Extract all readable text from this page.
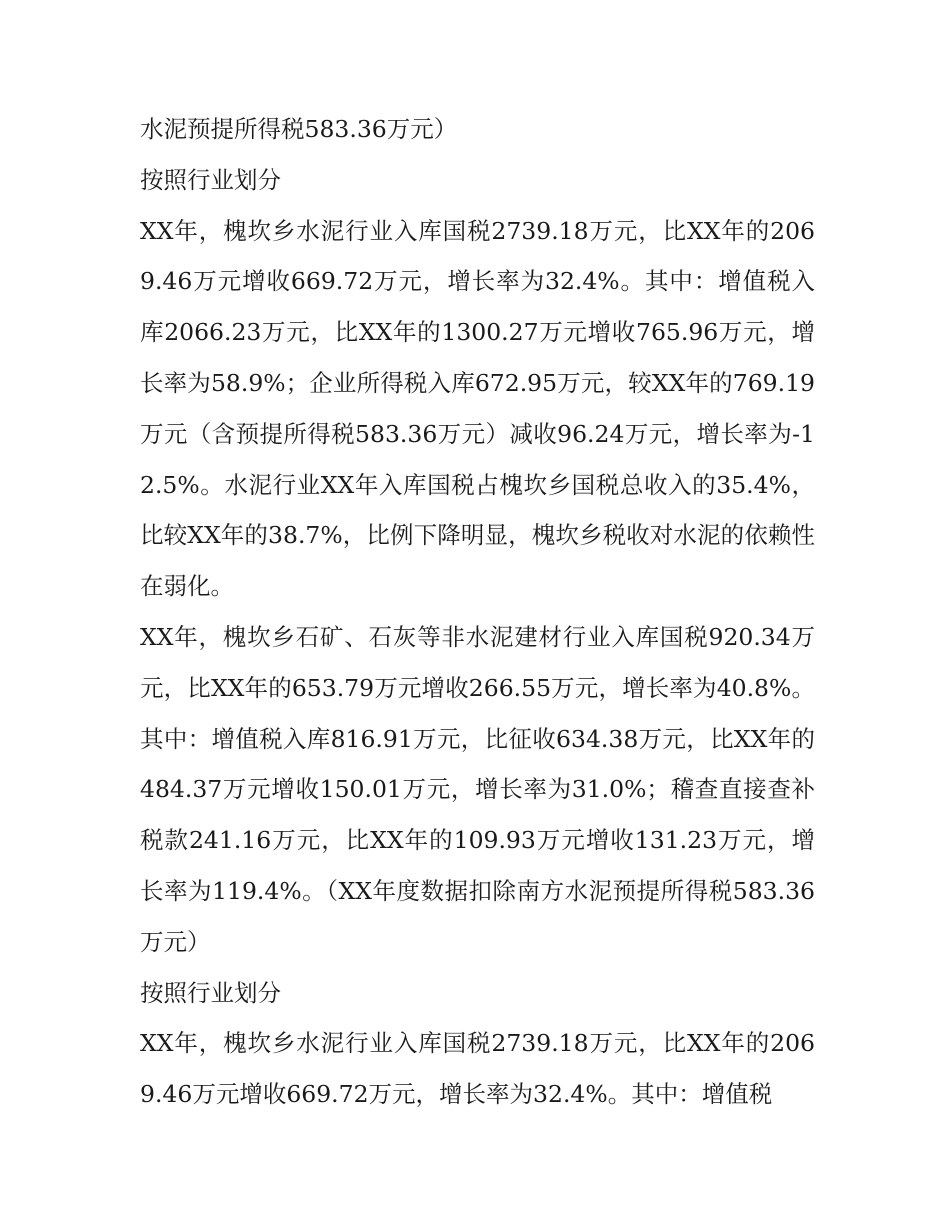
水泥预提所得税583.36万元）

按照行业划分

XX年，槐坎乡水泥行业入库国税2739.18万元，比XX年的2069.46万元增收669.72万元，增长率为32.4%。其中：增值税入库2066.23万元，比XX年的1300.27万元增收765.96万元，增长率为58.9%；企业所得税入库672.95万元，较XX年的769.19万元（含预提所得税583.36万元）减收96.24万元，增长率为-12.5%。水泥行业XX年入库国税占槐坎乡国税总收入的35.4%，比较XX年的38.7%，比例下降明显，槐坎乡税收对水泥的依赖性在弱化。

XX年，槐坎乡石矿、石灰等非水泥建材行业入库国税920.34万元，比XX年的653.79万元增收266.55万元，增长率为40.8%。其中：增值税入库816.91万元，比征收634.38万元，比XX年的484.37万元增收150.01万元，增长率为31.0%；稽查直接查补税款241.16万元，比XX年的109.93万元增收131.23万元，增长率为119.4%。（XX年度数据扣除南方水泥预提所得税583.36万元）

按照行业划分

XX年，槐坎乡水泥行业入库国税2739.18万元，比XX年的2069.46万元增收669.72万元，增长率为32.4%。其中：增值税
